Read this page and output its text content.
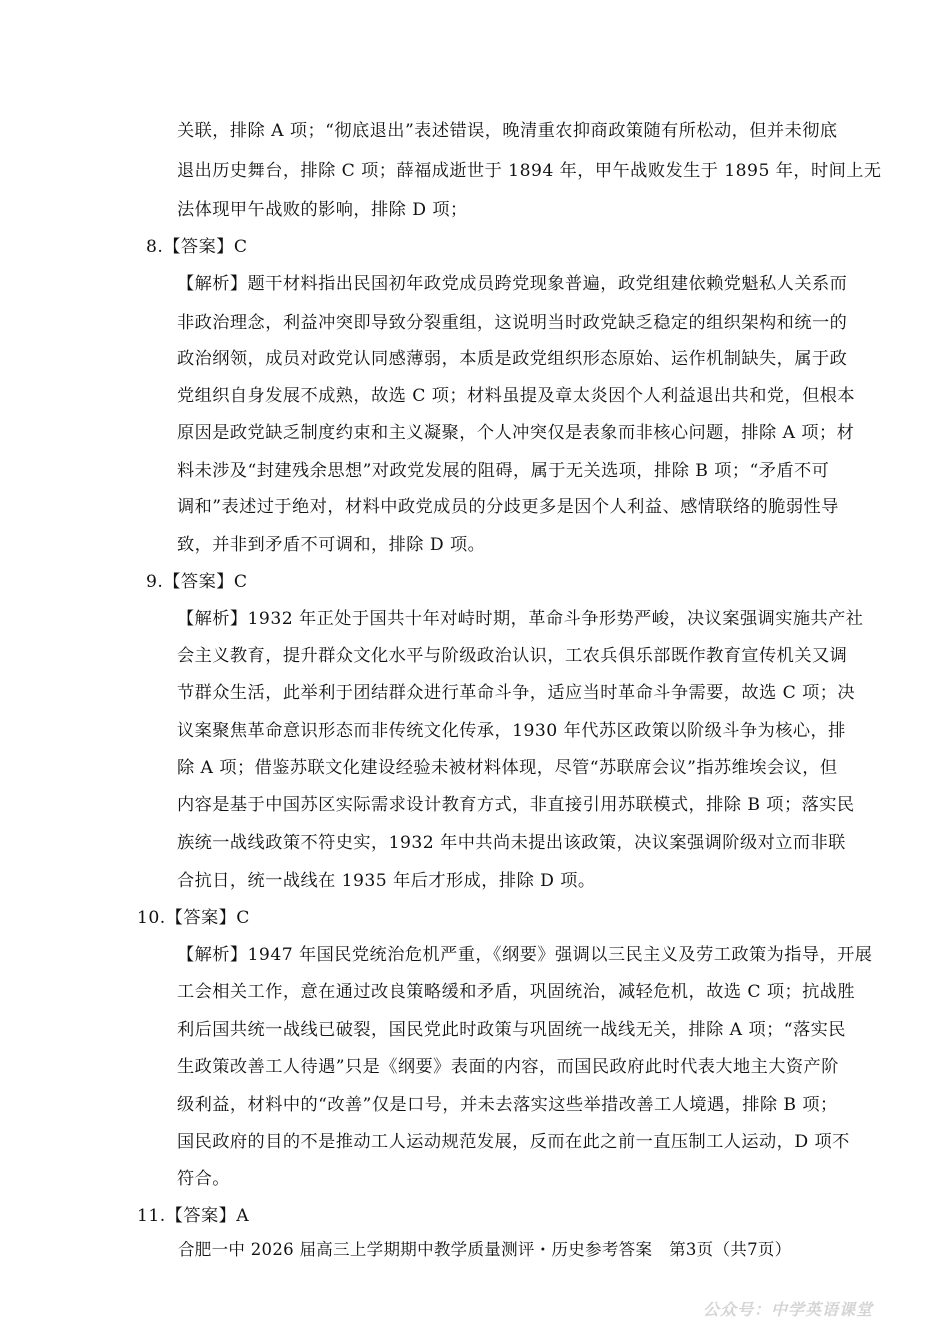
关联，排除 A 项；“彻底退出”表述错误，晚清重农抑商政策随有所松动，但并未彻底
退出历史舞台，排除 C 项；薛福成逝世于 1894 年，甲午战败发生于 1895 年，时间上无
法体现甲午战败的影响，排除 D 项；
8.【答案】C
【解析】题干材料指出民国初年政党成员跨党现象普遍，政党组建依赖党魁私人关系而
非政治理念，利益冲突即导致分裂重组，这说明当时政党缺乏稳定的组织架构和统一的
政治纲领，成员对政党认同感薄弱，本质是政党组织形态原始、运作机制缺失，属于政
党组织自身发展不成熟，故选 C 项；材料虽提及章太炎因个人利益退出共和党，但根本
原因是政党缺乏制度约束和主义凝聚，个人冲突仅是表象而非核心问题，排除 A 项；材
料未涉及“封建残余思想”对政党发展的阻碍，属于无关选项，排除 B 项；“矛盾不可
调和”表述过于绝对，材料中政党成员的分歧更多是因个人利益、感情联络的脆弱性导
致，并非到矛盾不可调和，排除 D 项。
9.【答案】C
【解析】1932 年正处于国共十年对峙时期，革命斗争形势严峻，决议案强调实施共产社
会主义教育，提升群众文化水平与阶级政治认识，工农兵俱乐部既作教育宣传机关又调
节群众生活，此举利于团结群众进行革命斗争，适应当时革命斗争需要，故选 C 项；决
议案聚焦革命意识形态而非传统文化传承，1930 年代苏区政策以阶级斗争为核心，排
除 A 项；借鉴苏联文化建设经验未被材料体现，尽管“苏联席会议”指苏维埃会议，但
内容是基于中国苏区实际需求设计教育方式，非直接引用苏联模式，排除 B 项；落实民
族统一战线政策不符史实，1932 年中共尚未提出该政策，决议案强调阶级对立而非联
合抗日，统一战线在 1935 年后才形成，排除 D 项。
10.【答案】C
【解析】1947 年国民党统治危机严重，《纲要》强调以三民主义及劳工政策为指导，开展
工会相关工作，意在通过改良策略缓和矛盾，巩固统治，减轻危机，故选 C 项；抗战胜
利后国共统一战线已破裂，国民党此时政策与巩固统一战线无关，排除 A 项；“落实民
生政策改善工人待遇”只是《纲要》表面的内容，而国民政府此时代表大地主大资产阶
级利益，材料中的“改善”仅是口号，并未去落实这些举措改善工人境遇，排除 B 项；
国民政府的目的不是推动工人运动规范发展，反而在此之前一直压制工人运动，D 项不
符合。
11.【答案】A
合肥一中 2026 届高三上学期期中教学质量测评・历史参考答案　第3页（共7页）
公众号：中学英语课堂
